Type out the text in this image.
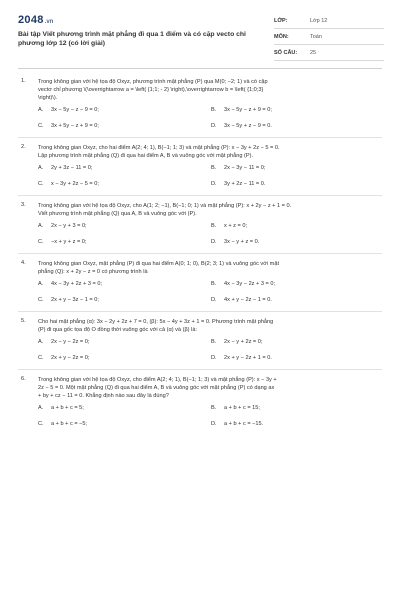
2048.vn
Bài tập Viết phương trình mặt phẳng đi qua 1 điểm và có cặp vecto chỉ phương lớp 12 (có lời giải)
LỚP:	Lớp 12
MÔN:	Toán
SỐ CÂU:	25
1. Trong không gian với hệ tọa độ Oxyz, phương trình mặt phẳng (P) qua M(0; −2; 1) và có cặp
vectơ chỉ phương \(\overrightarrow a = \left( {1;1; - 2} \right),\overrightarrow b = \left( {1;0;3}
\right)\).
A. 3x − 5y − z − 9 = 0;	B. 3x − 5y − z + 9 = 0;
C. 3x + 5y − z + 9 = 0;	D. 3x − 5y + z − 9 = 0.
2. Trong không gian Oxyz, cho hai điểm A(2; 4; 1), B(−1; 1; 3) và mặt phẳng (P): x − 3y + 2z − 5 = 0.
Lập phương trình mặt phẳng (Q) đi qua hai điểm A, B và vuông góc với mặt phẳng (P).
A. 2y + 3z − 11 = 0;	B. 2x − 3y − 11 = 0;
C. x − 3y + 2z − 5 = 0;	D. 3y + 2z − 11 = 0.
3. Trong không gian với hệ tọa độ Oxyz, cho A(1; 2; −1), B(−1; 0; 1) và mặt phẳng (P): x + 2y − z + 1 = 0.
Viết phương trình mặt phẳng (Q) qua A, B và vuông góc với (P).
A. 2x − y + 3 = 0;	B. x + z = 0;
C. −x + y + z = 0;	D. 3x − y + z = 0.
4. Trong không gian Oxyz, mặt phẳng (P) đi qua hai điểm A(0; 1; 0), B(2; 3; 1) và vuông góc với mặt
phẳng (Q): x + 2y − z = 0 có phương trình là
A. 4x − 3y + 2z + 3 = 0;	B. 4x − 3y − 2z + 3 = 0;
C. 2x + y − 3z − 1 = 0;	D. 4x + y − 2z − 1 = 0.
5. Cho hai mặt phẳng (α): 3x − 2y + 2z + 7 = 0, (β): 5x − 4y + 3z + 1 = 0. Phương trình mặt phẳng
(P) đi qua gốc tọa độ O đồng thời vuông góc với cả (α) và (β) là:
A. 2x − y − 2z = 0;	B. 2x − y + 2z = 0;
C. 2x + y − 2z = 0;	D. 2x + y − 2z + 1 = 0.
6. Trong không gian với hệ tọa độ Oxyz, cho điểm A(2; 4; 1), B(−1; 1; 3) và mặt phẳng (P): x − 3y +
2z − 5 = 0. Một mặt phẳng (Q) đi qua hai điểm A, B và vuông góc với mặt phẳng (P) có dạng ax
+ by + cz − 11 = 0. Khẳng định nào sau đây là đúng?
A. a + b + c = 5;	B. a + b + c = 15;
C. a + b + c = −5;	D. a + b + c = −15.
